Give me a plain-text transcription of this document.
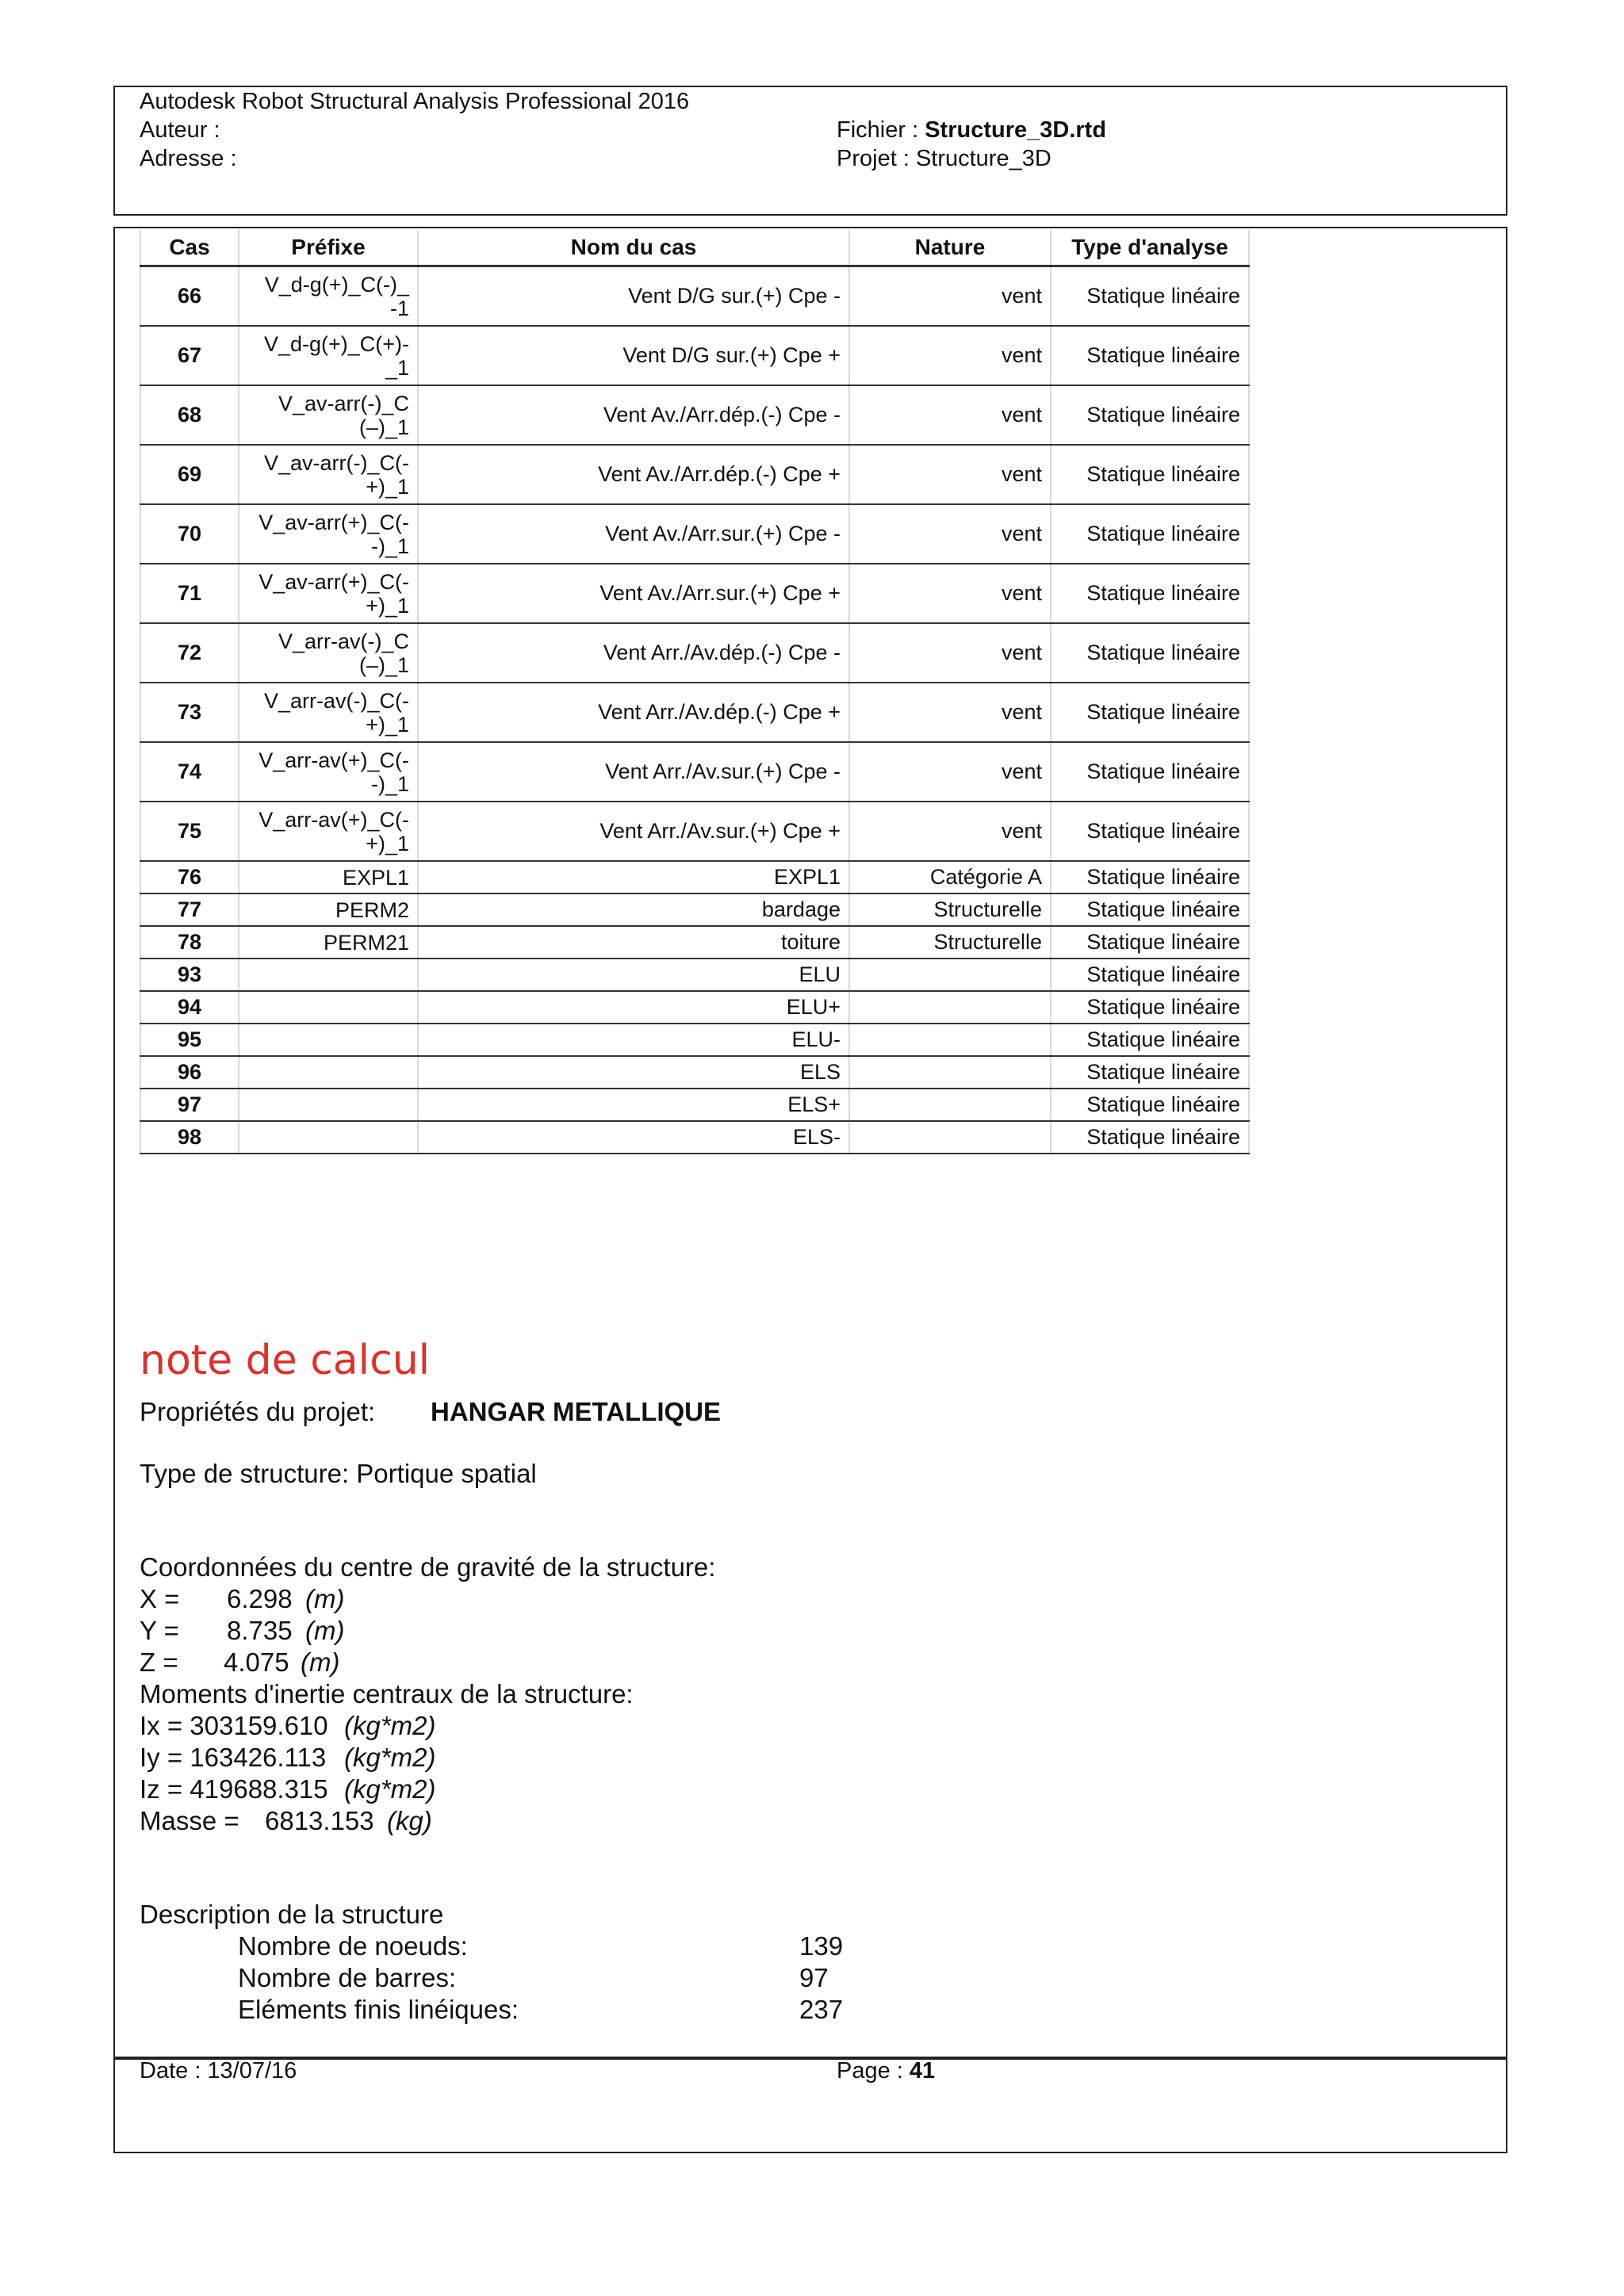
Autodesk Robot Structural Analysis Professional 2016
Auteur :
Adresse :
Fichier : Structure_3D.rtd
Projet : Structure_3D
Cas	Préfixe	Nom du cas	Nature	Type d'analyse
66	V_d-g(+)_C(-)_-1	Vent D/G sur.(+) Cpe -	vent	Statique linéaire
67	V_d-g(+)_C(+)-_1	Vent D/G sur.(+) Cpe +	vent	Statique linéaire
68	V_av-arr(-)_C(–)_1	Vent Av./Arr.dép.(-) Cpe -	vent	Statique linéaire
69	V_av-arr(-)_C(-+)_1	Vent Av./Arr.dép.(-) Cpe +	vent	Statique linéaire
70	V_av-arr(+)_C(--)_1	Vent Av./Arr.sur.(+) Cpe -	vent	Statique linéaire
71	V_av-arr(+)_C(-+)_1	Vent Av./Arr.sur.(+) Cpe +	vent	Statique linéaire
72	V_arr-av(-)_C(–)_1	Vent Arr./Av.dép.(-) Cpe -	vent	Statique linéaire
73	V_arr-av(-)_C(-+)_1	Vent Arr./Av.dép.(-) Cpe +	vent	Statique linéaire
74	V_arr-av(+)_C(--)_1	Vent Arr./Av.sur.(+) Cpe -	vent	Statique linéaire
75	V_arr-av(+)_C(-+)_1	Vent Arr./Av.sur.(+) Cpe +	vent	Statique linéaire
76	EXPL1	EXPL1	Catégorie A	Statique linéaire
77	PERM2	bardage	Structurelle	Statique linéaire
78	PERM21	toiture	Structurelle	Statique linéaire
93		ELU		Statique linéaire
94		ELU+		Statique linéaire
95		ELU-		Statique linéaire
96		ELS		Statique linéaire
97		ELS+		Statique linéaire
98		ELS-		Statique linéaire
note de calcul
Propriétés du projet: HANGAR METALLIQUE
Type de structure: Portique spatial
Coordonnées du centre de gravité de la structure:
X = 6.298 (m)
Y = 8.735 (m)
Z = 4.075 (m)
Moments d'inertie centraux de la structure:
Ix = 303159.610 (kg*m2)
Iy = 163426.113 (kg*m2)
Iz = 419688.315 (kg*m2)
Masse = 6813.153 (kg)
Description de la structure
Nombre de noeuds:	139
Nombre de barres:	97
Eléments finis linéiques:	237
Date : 13/07/16	Page : 41
